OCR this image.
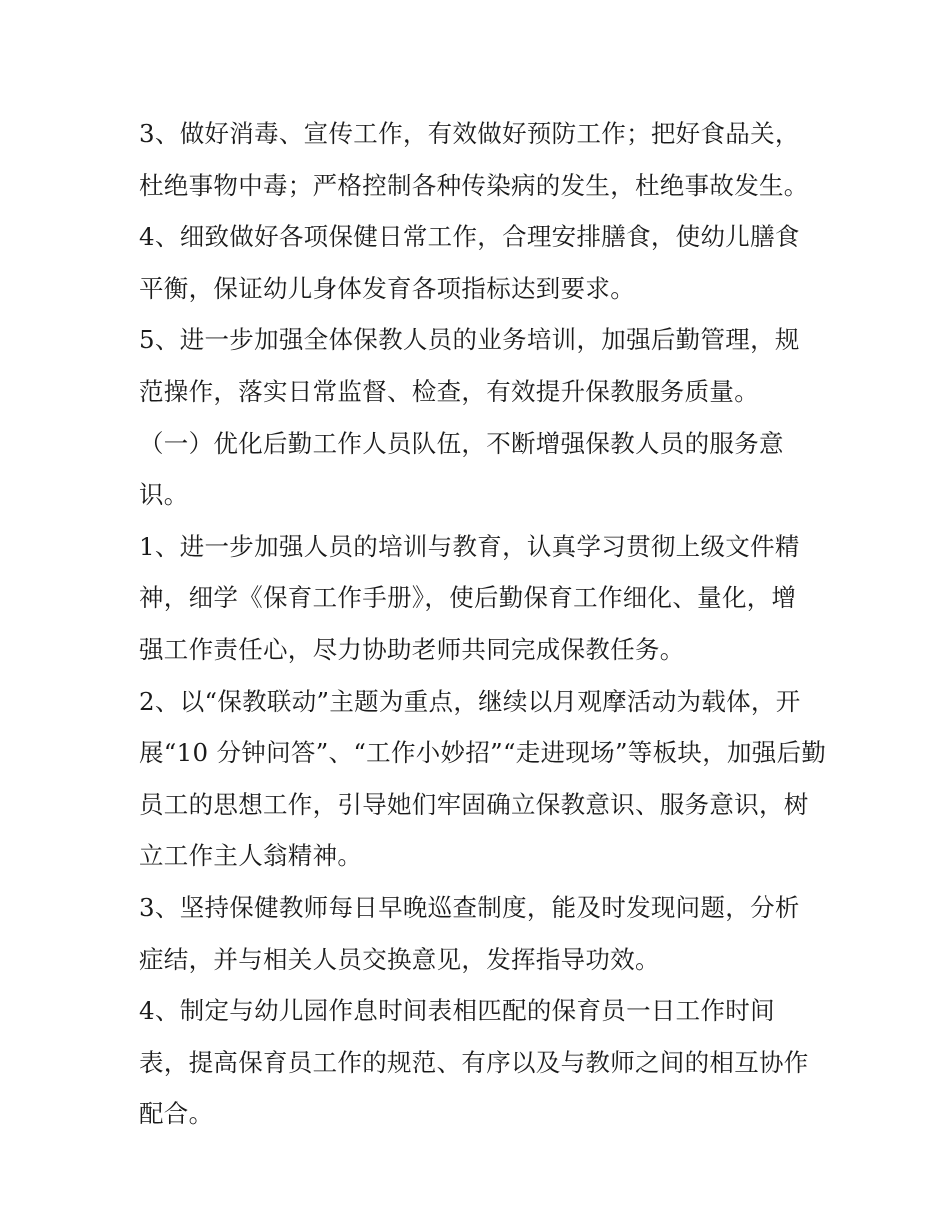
3、做好消毒、宣传工作，有效做好预防工作；把好食品关，
杜绝事物中毒；严格控制各种传染病的发生，杜绝事故发生。
4、细致做好各项保健日常工作，合理安排膳食，使幼儿膳食
平衡，保证幼儿身体发育各项指标达到要求。
5、进一步加强全体保教人员的业务培训，加强后勤管理，规
范操作，落实日常监督、检查，有效提升保教服务质量。
（一）优化后勤工作人员队伍，不断增强保教人员的服务意
识。
1、进一步加强人员的培训与教育，认真学习贯彻上级文件精
神，细学《保育工作手册》，使后勤保育工作细化、量化，增
强工作责任心，尽力协助老师共同完成保教任务。
2、以“保教联动”主题为重点，继续以月观摩活动为载体，开
展“10 分钟问答”、“工作小妙招”“走进现场”等板块，加强后勤
员工的思想工作，引导她们牢固确立保教意识、服务意识，树
立工作主人翁精神。
3、坚持保健教师每日早晚巡查制度，能及时发现问题，分析
症结，并与相关人员交换意见，发挥指导功效。
4、制定与幼儿园作息时间表相匹配的保育员一日工作时间
表，提高保育员工作的规范、有序以及与教师之间的相互协作
配合。
